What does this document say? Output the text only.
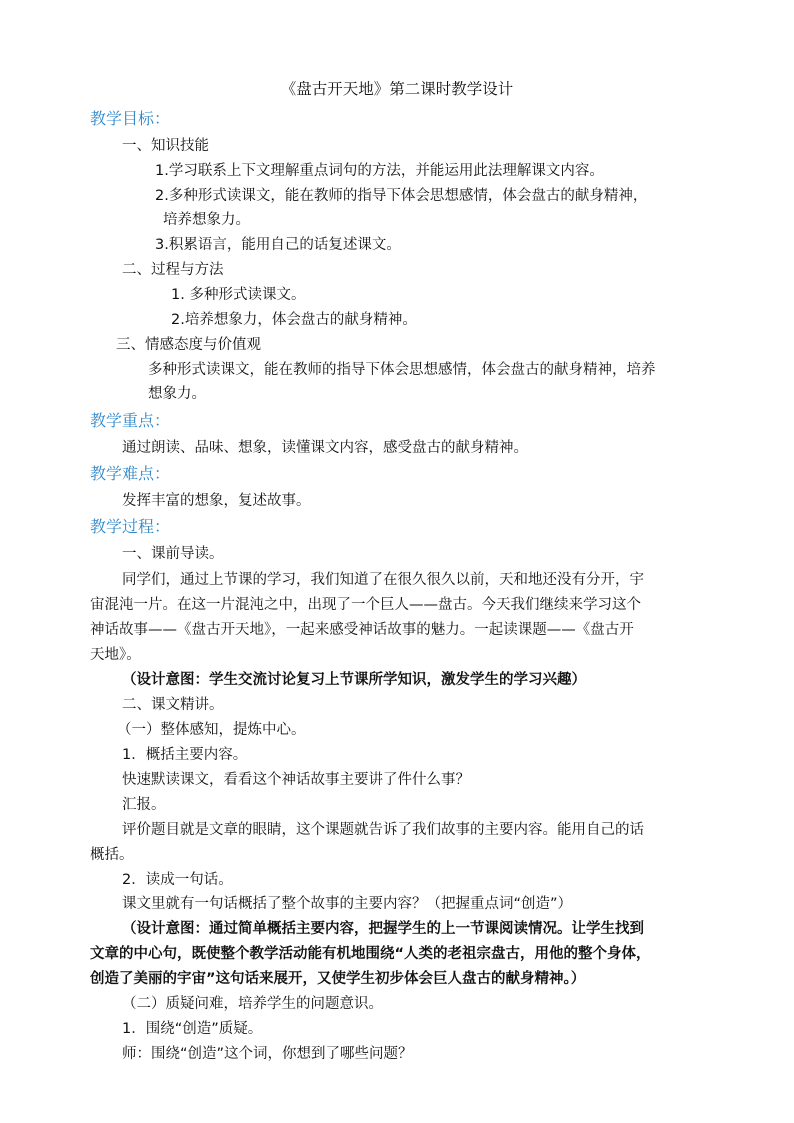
《盘古开天地》第二课时教学设计
教学目标：
一、知识技能
1.学习联系上下文理解重点词句的方法，并能运用此法理解课文内容。
2.多种形式读课文，能在教师的指导下体会思想感情，体会盘古的献身精神，
培养想象力。
3.积累语言，能用自己的话复述课文。
二、过程与方法
1. 多种形式读课文。
2.培养想象力，体会盘古的献身精神。
三、情感态度与价值观
多种形式读课文，能在教师的指导下体会思想感情，体会盘古的献身精神，培养
想象力。
教学重点：
通过朗读、品味、想象，读懂课文内容，感受盘古的献身精神。
教学难点：
发挥丰富的想象，复述故事。
教学过程：
一、课前导读。
同学们，通过上节课的学习，我们知道了在很久很久以前，天和地还没有分开，宇
宙混沌一片。在这一片混沌之中，出现了一个巨人——盘古。今天我们继续来学习这个
神话故事——《盘古开天地》，一起来感受神话故事的魅力。一起读课题——《盘古开
天地》。
（设计意图：学生交流讨论复习上节课所学知识，激发学生的学习兴趣）
二、课文精讲。
（一）整体感知，提炼中心。
1．概括主要内容。
快速默读课文，看看这个神话故事主要讲了件什么事？
汇报。
评价题目就是文章的眼睛，这个课题就告诉了我们故事的主要内容。能用自己的话
概括。
2．读成一句话。
课文里就有一句话概括了整个故事的主要内容？（把握重点词“创造”）
（设计意图：通过简单概括主要内容，把握学生的上一节课阅读情况。让学生找到
文章的中心句，既使整个教学活动能有机地围绕“人类的老祖宗盘古，用他的整个身体，
创造了美丽的宇宙”这句话来展开，又使学生初步体会巨人盘古的献身精神。）
（二）质疑问难，培养学生的问题意识。
1．围绕“创造”质疑。
师：围绕“创造”这个词，你想到了哪些问题？
